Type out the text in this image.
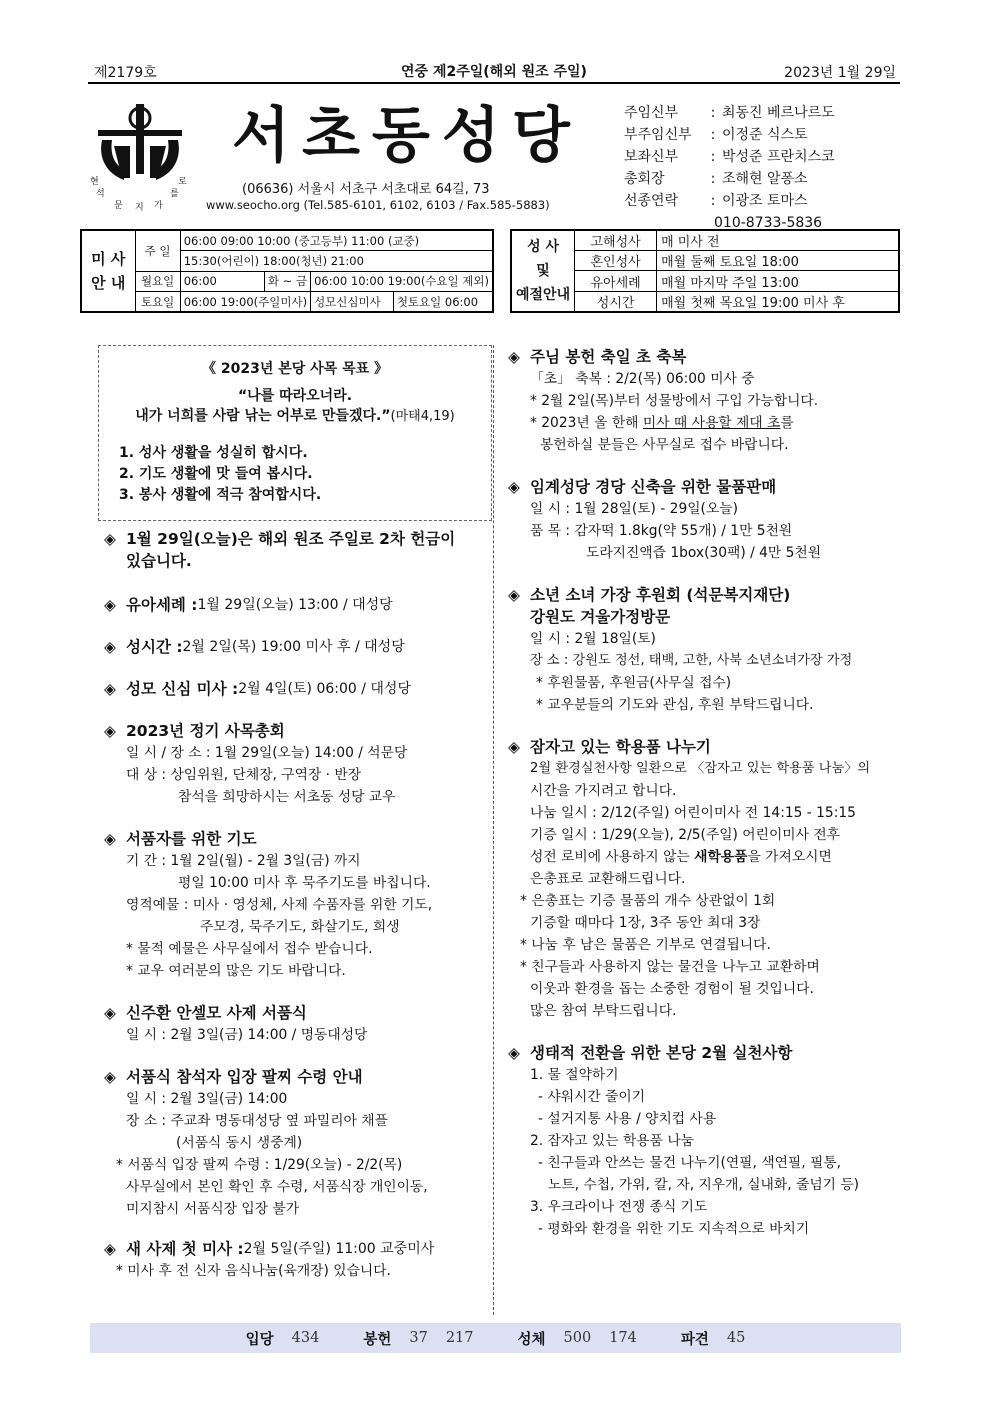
제2179호	연중 제2주일(해외 원조 주일)	2023년 1월 29일
현	로
석	를
문	가
지
서초동성당
(06636) 서울시 서초구 서초대로 64길, 73
www.seocho.org (Tel.585-6101, 6102, 6103 / Fax.585-5883)
주임신부	: 최동진 베르나르도
부주임신부	: 이정준 식스토
보좌신부	: 박성준 프란치스코
총회장	: 조해현 알퐁소
선종연락	: 이광조 토마스
010-8733-5836
미 사
안 내	주 일	06:00 09:00 10:00 (중고등부) 11:00 (교중)			
		15:30(어린이) 18:00(청년) 21:00			
	월요일	06:00	화 ~ 금	06:00 10:00 19:00(수요일 제외)	
	토요일	06:00 19:00(주일미사)		성모신심미사	첫토요일 06:00
성 사
및
예절안내	고해성사	매 미사 전
	혼인성사	매월 둘째 토요일 18:00
	유아세례	매월 마지막 주일 13:00
	성시간	매월 첫째 목요일 19:00 미사 후
《 2023년 본당 사목 목표 》
“나를 따라오너라.
내가 너희를 사람 낚는 어부로 만들겠다.”(마태4,19)
1. 성사 생활을 성실히 합시다.
2. 기도 생활에 맛 들여 봅시다.
3. 봉사 생활에 적극 참여합시다.
◈ 1월 29일(오늘)은 해외 원조 주일로 2차 헌금이
있습니다.
◈ 유아세례 : 1월 29일(오늘) 13:00 / 대성당
◈ 성시간 : 2월 2일(목) 19:00 미사 후 / 대성당
◈ 성모 신심 미사 : 2월 4일(토) 06:00 / 대성당
◈ 2023년 정기 사목총회
일 시 / 장 소 : 1월 29일(오늘) 14:00 / 석문당
대 상 : 상임위원, 단체장, 구역장 · 반장
참석을 희망하시는 서초동 성당 교우
◈ 서품자를 위한 기도
기 간 : 1월 2일(월) - 2월 3일(금) 까지
평일 10:00 미사 후 묵주기도를 바칩니다.
영적예물 : 미사 · 영성체, 사제 수품자를 위한 기도,
주모경, 묵주기도, 화살기도, 희생
* 물적 예물은 사무실에서 접수 받습니다.
* 교우 여러분의 많은 기도 바랍니다.
◈ 신주환 안셀모 사제 서품식
일 시 : 2월 3일(금) 14:00 / 명동대성당
◈ 서품식 참석자 입장 팔찌 수령 안내
일 시 : 2월 3일(금) 14:00
장 소 : 주교좌 명동대성당 옆 파밀리아 채플
(서품식 동시 생중계)
* 서품식 입장 팔찌 수령 : 1/29(오늘) - 2/2(목)
사무실에서 본인 확인 후 수령, 서품식장 개인이동,
미지참시 서품식장 입장 불가
◈ 새 사제 첫 미사 : 2월 5일(주일) 11:00 교중미사
* 미사 후 전 신자 음식나눔(육개장) 있습니다.
◈ 주님 봉헌 축일 초 축복
「초」 축복 : 2/2(목) 06:00 미사 중
* 2월 2일(목)부터 성물방에서 구입 가능합니다.
* 2023년 올 한해 미사 때 사용할 제대 초를
봉헌하실 분들은 사무실로 접수 바랍니다.
◈ 임계성당 경당 신축을 위한 물품판매
일 시 : 1월 28일(토) - 29일(오늘)
품 목 : 감자떡 1.8kg(약 55개) / 1만 5천원
도라지진액즙 1box(30팩) / 4만 5천원
◈ 소년 소녀 가장 후원회 (석문복지재단)
강원도 겨울가정방문
일 시 : 2월 18일(토)
장 소 : 강원도 정선, 태백, 고한, 사북 소년소녀가장 가정
* 후원물품, 후원금(사무실 접수)
* 교우분들의 기도와 관심, 후원 부탁드립니다.
◈ 잠자고 있는 학용품 나누기
2월 환경실천사항 일환으로 〈잠자고 있는 학용품 나눔〉의
시간을 가지려고 합니다.
나눔 일시 : 2/12(주일) 어린이미사 전 14:15 - 15:15
기증 일시 : 1/29(오늘), 2/5(주일) 어린이미사 전후
성전 로비에 사용하지 않는 새학용품을 가져오시면
은총표로 교환해드립니다.
* 은총표는 기증 물품의 개수 상관없이 1회
기증할 때마다 1장, 3주 동안 최대 3장
* 나눔 후 남은 물품은 기부로 연결됩니다.
* 친구들과 사용하지 않는 물건을 나누고 교환하며
이웃과 환경을 돕는 소중한 경험이 될 것입니다.
많은 참여 부탁드립니다.
◈ 생태적 전환을 위한 본당 2월 실천사항
1. 물 절약하기
- 샤워시간 줄이기
- 설거지통 사용 / 양치컵 사용
2. 잠자고 있는 학용품 나눔
- 친구들과 안쓰는 물건 나누기(연필, 색연필, 필통,
노트, 수첩, 가위, 칼, 자, 지우개, 실내화, 줄넘기 등)
3. 우크라이나 전쟁 종식 기도
- 평화와 환경을 위한 기도 지속적으로 바치기
입당 434	봉헌 37 217	성체 500 174	파견 45
